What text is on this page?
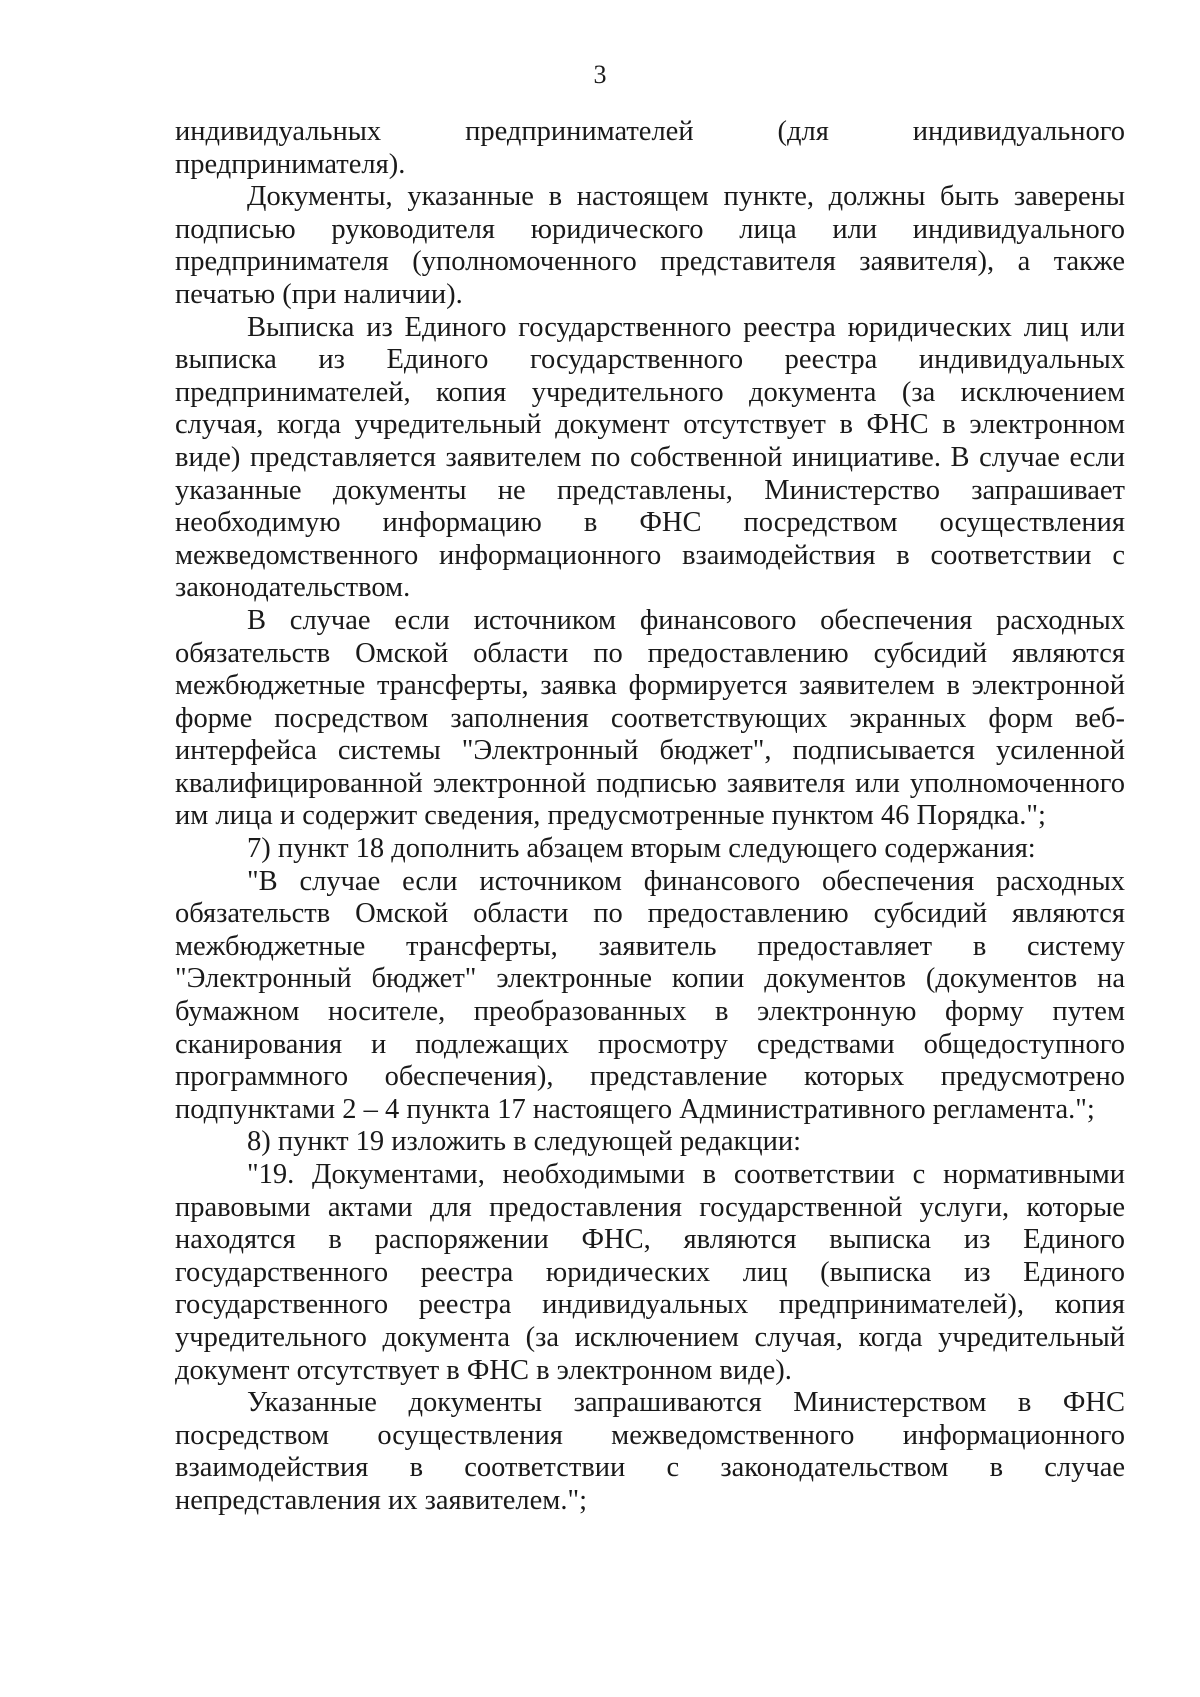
3

индивидуальных предпринимателей (для индивидуального предпринимателя).

Документы, указанные в настоящем пункте, должны быть заверены подписью руководителя юридического лица или индивидуального предпринимателя (уполномоченного представителя заявителя), а также печатью (при наличии).

Выписка из Единого государственного реестра юридических лиц или выписка из Единого государственного реестра индивидуальных предпринимателей, копия учредительного документа (за исключением случая, когда учредительный документ отсутствует в ФНС в электронном виде) представляется заявителем по собственной инициативе. В случае если указанные документы не представлены, Министерство запрашивает необходимую информацию в ФНС посредством осуществления межведомственного информационного взаимодействия в соответствии с законодательством.

В случае если источником финансового обеспечения расходных обязательств Омской области по предоставлению субсидий являются межбюджетные трансферты, заявка формируется заявителем в электронной форме посредством заполнения соответствующих экранных форм веб-интерфейса системы "Электронный бюджет", подписывается усиленной квалифицированной электронной подписью заявителя или уполномоченного им лица и содержит сведения, предусмотренные пунктом 46 Порядка.";

7) пункт 18 дополнить абзацем вторым следующего содержания:

"В случае если источником финансового обеспечения расходных обязательств Омской области по предоставлению субсидий являются межбюджетные трансферты, заявитель предоставляет в систему "Электронный бюджет" электронные копии документов (документов на бумажном носителе, преобразованных в электронную форму путем сканирования и подлежащих просмотру средствами общедоступного программного обеспечения), представление которых предусмотрено подпунктами 2 – 4 пункта 17 настоящего Административного регламента.";

8) пункт 19 изложить в следующей редакции:

"19. Документами, необходимыми в соответствии с нормативными правовыми актами для предоставления государственной услуги, которые находятся в распоряжении ФНС, являются выписка из Единого государственного реестра юридических лиц (выписка из Единого государственного реестра индивидуальных предпринимателей), копия учредительного документа (за исключением случая, когда учредительный документ отсутствует в ФНС в электронном виде).

Указанные документы запрашиваются Министерством в ФНС посредством осуществления межведомственного информационного взаимодействия в соответствии с законодательством в случае непредставления их заявителем.";
